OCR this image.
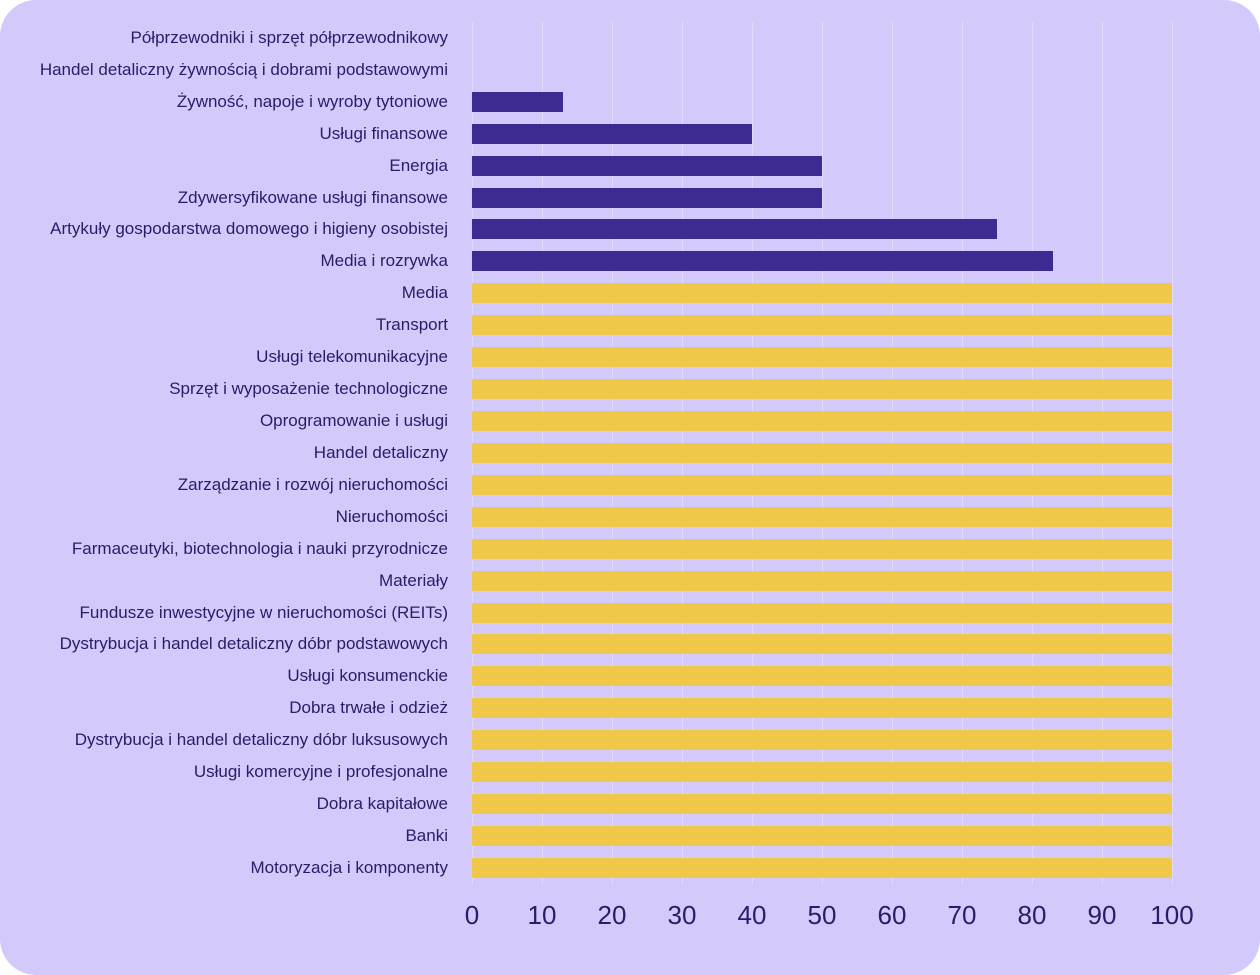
Półprzewodniki i sprzęt półprzewodnikowy
Handel detaliczny żywnością i dobrami podstawowymi
Żywność, napoje i wyroby tytoniowe
Usługi finansowe
Energia
Zdywersyfikowane usługi finansowe
Artykuły gospodarstwa domowego i higieny osobistej
Media i rozrywka
Media
Transport
Usługi telekomunikacyjne
Sprzęt i wyposażenie technologiczne
Oprogramowanie i usługi
Handel detaliczny
Zarządzanie i rozwój nieruchomości
Nieruchomości
Farmaceutyki, biotechnologia i nauki przyrodnicze
Materiały
Fundusze inwestycyjne w nieruchomości (REITs)
Dystrybucja i handel detaliczny dóbr podstawowych
Usługi konsumenckie
Dobra trwałe i odzież
Dystrybucja i handel detaliczny dóbr luksusowych
Usługi komercyjne i profesjonalne
Dobra kapitałowe
Banki
Motoryzacja i komponenty
0 10 20 30 40 50 60 70 80 90 100
